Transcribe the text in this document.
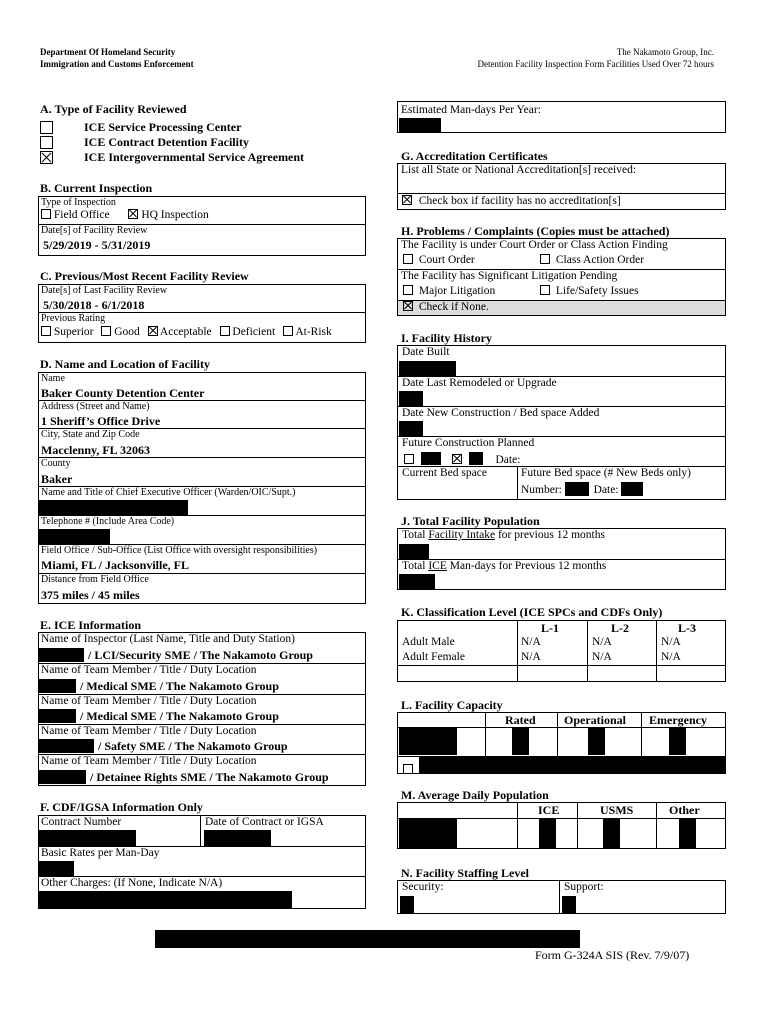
Department Of Homeland Security
Immigration and Customs Enforcement
The Nakamoto Group, Inc.
Detention Facility Inspection Form Facilities Used Over 72 hours
A. Type of Facility Reviewed
ICE Service Processing Center
ICE Contract Detention Facility
ICE Intergovernmental Service Agreement
B. Current Inspection
Type of Inspection
Field Office	HQ Inspection
Date[s] of Facility Review
5/29/2019 - 5/31/2019
C. Previous/Most Recent Facility Review
Date[s] of Last Facility Review
5/30/2018 - 6/1/2018
Previous Rating
Superior Good Acceptable Deficient At-Risk
D. Name and Location of Facility
Name
Baker County Detention Center
Address (Street and Name)
1 Sheriff’s Office Drive
City, State and Zip Code
Macclenny, FL 32063
County
Baker
Name and Title of Chief Executive Officer (Warden/OIC/Supt.)
Telephone # (Include Area Code)
Field Office / Sub-Office (List Office with oversight responsibilities)
Miami, FL / Jacksonville, FL
Distance from Field Office
375 miles / 45 miles
E. ICE Information
Name of Inspector (Last Name, Title and Duty Station)
/ LCI/Security SME / The Nakamoto Group
Name of Team Member / Title / Duty Location
/ Medical SME / The Nakamoto Group
Name of Team Member / Title / Duty Location
/ Medical SME / The Nakamoto Group
Name of Team Member / Title / Duty Location
/ Safety SME / The Nakamoto Group
Name of Team Member / Title / Duty Location
/ Detainee Rights SME / The Nakamoto Group
F. CDF/IGSA Information Only
Contract Number	Date of Contract or IGSA
Basic Rates per Man-Day
Other Charges: (If None, Indicate N/A)
Estimated Man-days Per Year:
G. Accreditation Certificates
List all State or National Accreditation[s] received:
Check box if facility has no accreditation[s]
H. Problems / Complaints (Copies must be attached)
The Facility is under Court Order or Class Action Finding
Court Order	Class Action Order
The Facility has Significant Litigation Pending
Major Litigation	Life/Safety Issues
Check if None.
I. Facility History
Date Built
Date Last Remodeled or Upgrade
Date New Construction / Bed space Added
Future Construction Planned
Date:
Current Bed space	Future Bed space (# New Beds only)
Number:	Date:
J. Total Facility Population
Total Facility Intake for previous 12 months
Total ICE Man-days for Previous 12 months
K. Classification Level (ICE SPCs and CDFs Only)
L-1	L-2	L-3
Adult Male	N/A	N/A	N/A
Adult Female	N/A	N/A	N/A
L. Facility Capacity
Rated Operational Emergency
M. Average Daily Population
ICE	USMS	Other
N. Facility Staffing Level
Security:	Support:
Form G-324A SIS (Rev. 7/9/07)
